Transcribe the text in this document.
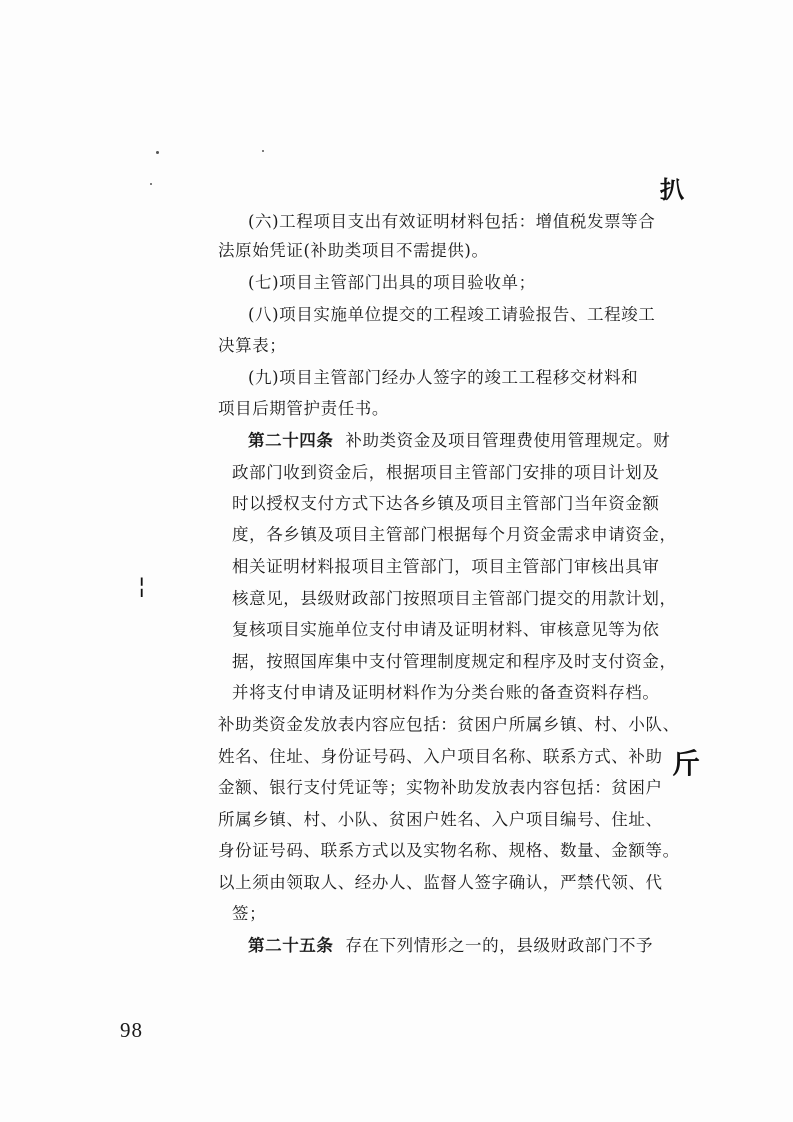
扒
斤
¦
(六)工程项目支出有效证明材料包括：增值税发票等合
法原始凭证(补助类项目不需提供)。
(七)项目主管部门出具的项目验收单；
(八)项目实施单位提交的工程竣工请验报告、工程竣工
决算表；
(九)项目主管部门经办人签字的竣工工程移交材料和
项目后期管护责任书。
第二十四条 补助类资金及项目管理费使用管理规定。财
政部门收到资金后，根据项目主管部门安排的项目计划及
时以授权支付方式下达各乡镇及项目主管部门当年资金额
度，各乡镇及项目主管部门根据每个月资金需求申请资金，
相关证明材料报项目主管部门，项目主管部门审核出具审
核意见，县级财政部门按照项目主管部门提交的用款计划，
复核项目实施单位支付申请及证明材料、审核意见等为依
据，按照国库集中支付管理制度规定和程序及时支付资金，
并将支付申请及证明材料作为分类台账的备查资料存档。
补助类资金发放表内容应包括：贫困户所属乡镇、村、小队、
姓名、住址、身份证号码、入户项目名称、联系方式、补助
金额、银行支付凭证等；实物补助发放表内容包括：贫困户
所属乡镇、村、小队、贫困户姓名、入户项目编号、住址、
身份证号码、联系方式以及实物名称、规格、数量、金额等。
以上须由领取人、经办人、监督人签字确认，严禁代领、代
签；
第二十五条 存在下列情形之一的，县级财政部门不予
98
